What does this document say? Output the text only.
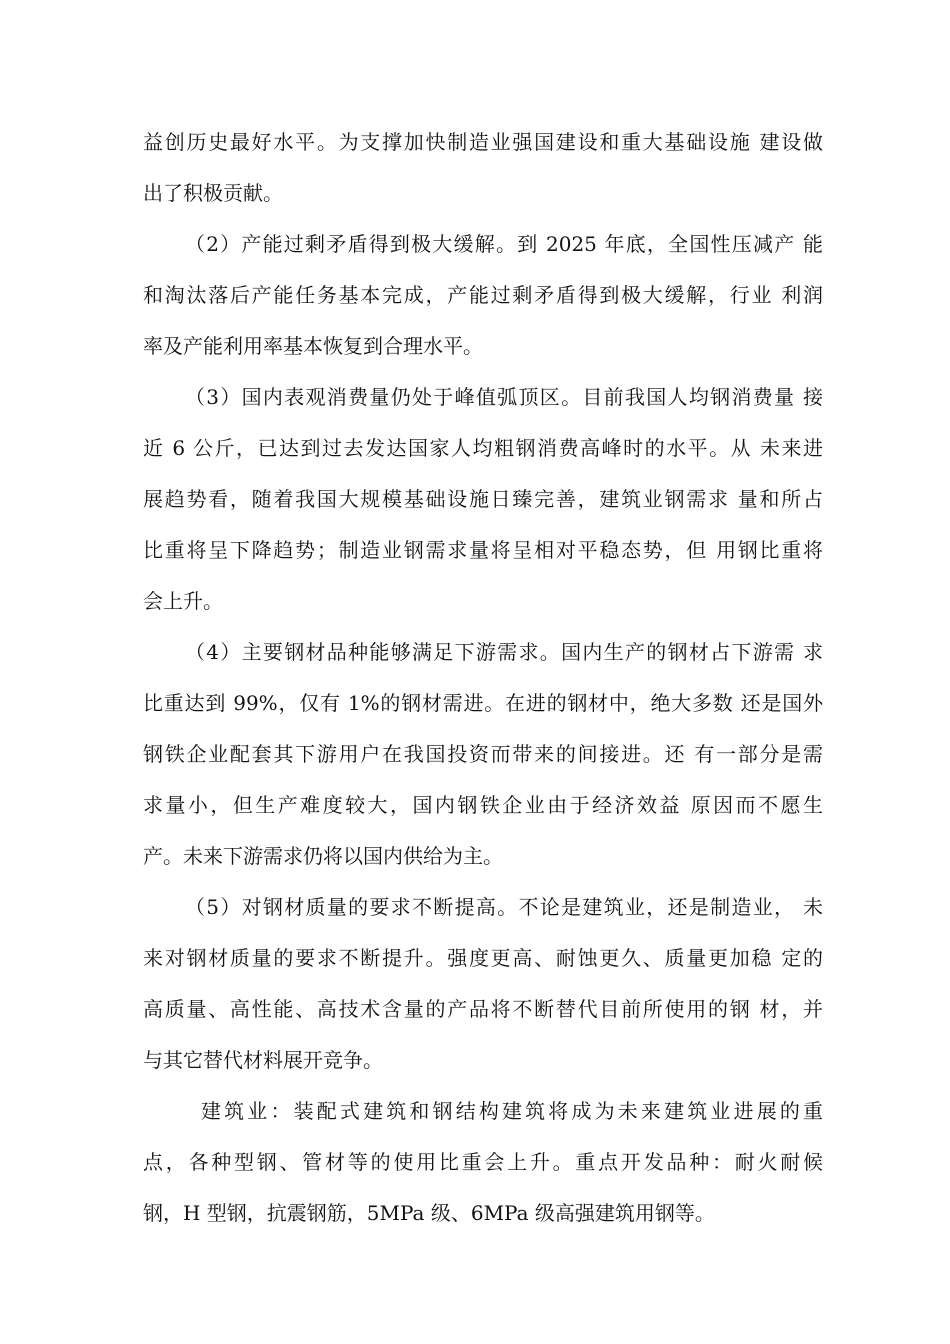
益创历史最好水平。为支撑加快制造业强国建设和重大基础设施 建设做
出了积极贡献。
（2）产能过剩矛盾得到极大缓解。到 2025 年底，全国性压减产 能
和淘汰落后产能任务基本完成，产能过剩矛盾得到极大缓解，行业 利润
率及产能利用率基本恢复到合理水平。
（3）国内表观消费量仍处于峰值弧顶区。目前我国人均钢消费量 接
近 6 公斤，已达到过去发达国家人均粗钢消费高峰时的水平。从 未来进
展趋势看，随着我国大规模基础设施日臻完善，建筑业钢需求 量和所占
比重将呈下降趋势；制造业钢需求量将呈相对平稳态势，但 用钢比重将
会上升。
（4）主要钢材品种能够满足下游需求。国内生产的钢材占下游需 求
比重达到 99%，仅有 1%的钢材需进。在进的钢材中，绝大多数 还是国外
钢铁企业配套其下游用户在我国投资而带来的间接进。还 有一部分是需
求量小，但生产难度较大，国内钢铁企业由于经济效益 原因而不愿生
产。未来下游需求仍将以国内供给为主。
（5）对钢材质量的要求不断提高。不论是建筑业，还是制造业， 未
来对钢材质量的要求不断提升。强度更高、耐蚀更久、质量更加稳 定的
高质量、高性能、高技术含量的产品将不断替代目前所使用的钢 材，并
与其它替代材料展开竞争。
建筑业：装配式建筑和钢结构建筑将成为未来建筑业进展的重
点，各种型钢、管材等的使用比重会上升。重点开发品种：耐火耐候
钢，H 型钢，抗震钢筋，5MPa 级、6MPa 级高强建筑用钢等。
